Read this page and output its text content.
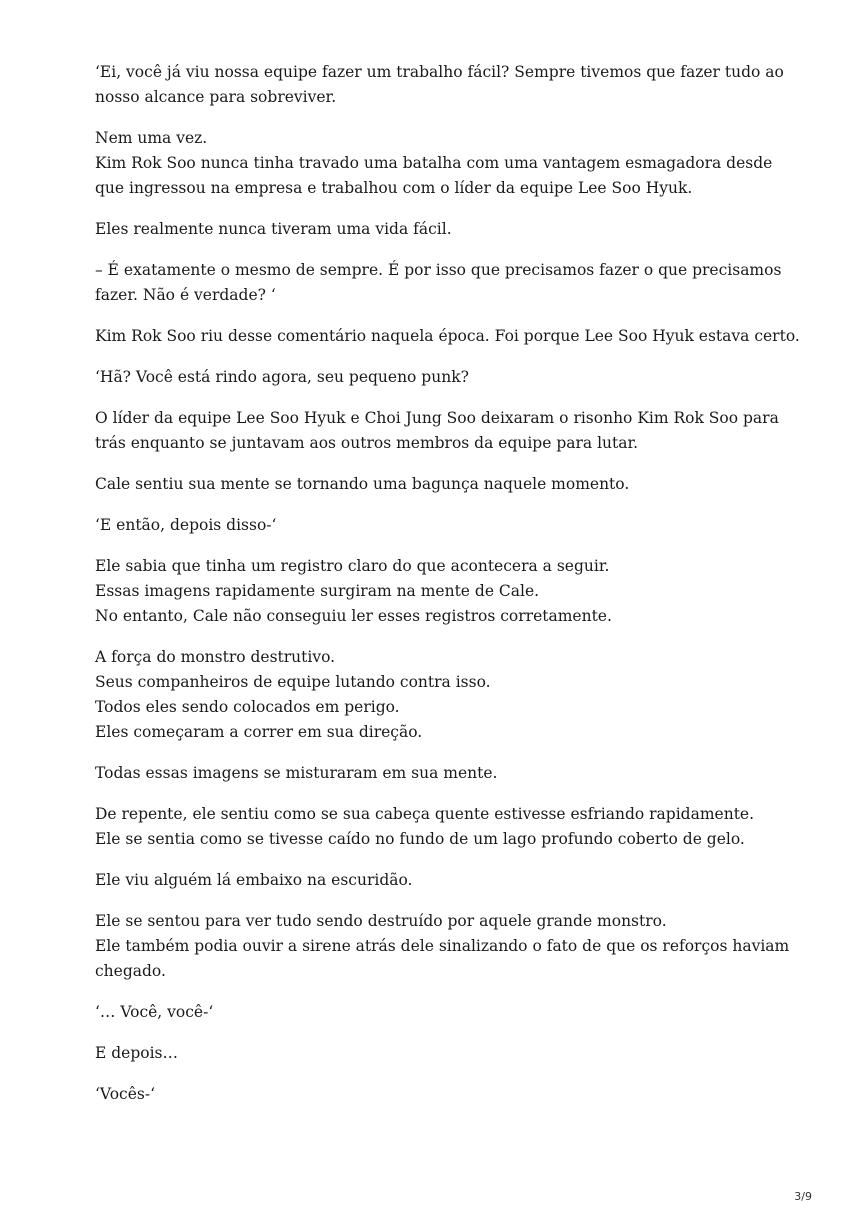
‘Ei, você já viu nossa equipe fazer um trabalho fácil? Sempre tivemos que fazer tudo ao
nosso alcance para sobreviver.

Nem uma vez.
Kim Rok Soo nunca tinha travado uma batalha com uma vantagem esmagadora desde
que ingressou na empresa e trabalhou com o líder da equipe Lee Soo Hyuk.

Eles realmente nunca tiveram uma vida fácil.

– É exatamente o mesmo de sempre. É por isso que precisamos fazer o que precisamos
fazer. Não é verdade? ‘

Kim Rok Soo riu desse comentário naquela época. Foi porque Lee Soo Hyuk estava certo.

‘Hã? Você está rindo agora, seu pequeno punk?

O líder da equipe Lee Soo Hyuk e Choi Jung Soo deixaram o risonho Kim Rok Soo para
trás enquanto se juntavam aos outros membros da equipe para lutar.

Cale sentiu sua mente se tornando uma bagunça naquele momento.

‘E então, depois disso-‘

Ele sabia que tinha um registro claro do que acontecera a seguir.
Essas imagens rapidamente surgiram na mente de Cale.
No entanto, Cale não conseguiu ler esses registros corretamente.

A força do monstro destrutivo.
Seus companheiros de equipe lutando contra isso.
Todos eles sendo colocados em perigo.
Eles começaram a correr em sua direção.

Todas essas imagens se misturaram em sua mente.

De repente, ele sentiu como se sua cabeça quente estivesse esfriando rapidamente.
Ele se sentia como se tivesse caído no fundo de um lago profundo coberto de gelo.

Ele viu alguém lá embaixo na escuridão.

Ele se sentou para ver tudo sendo destruído por aquele grande monstro.
Ele também podia ouvir a sirene atrás dele sinalizando o fato de que os reforços haviam
chegado.

‘… Você, você-‘

E depois…

‘Vocês-‘

3/9
